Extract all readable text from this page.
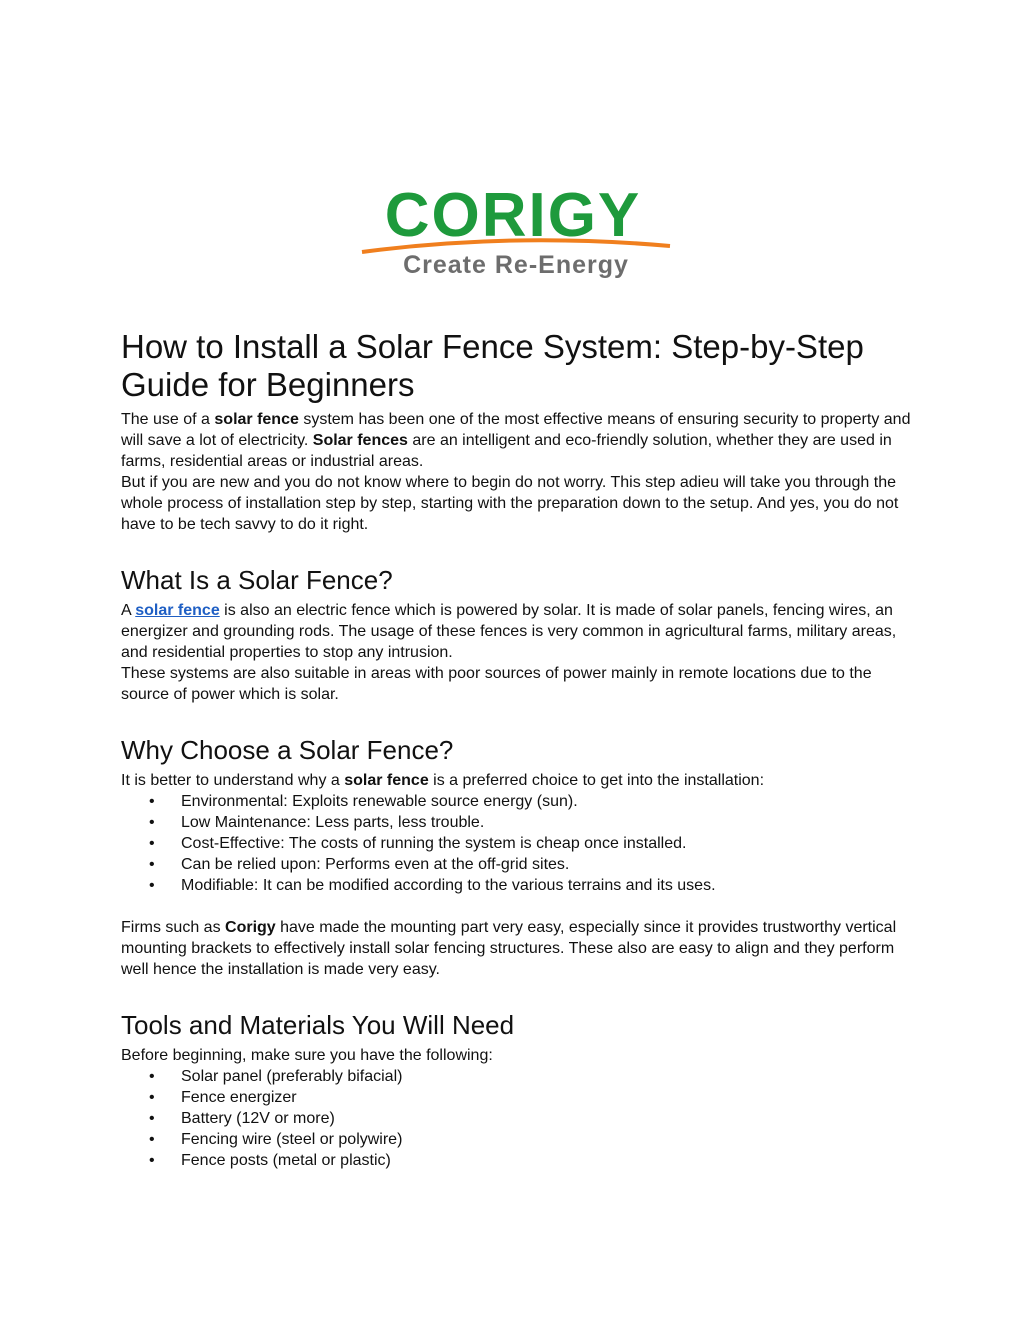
CORIGY
Create Re-Energy
How to Install a Solar Fence System: Step-by-Step Guide for Beginners

The use of a solar fence system has been one of the most effective means of ensuring security to property and will save a lot of electricity. Solar fences are an intelligent and eco-friendly solution, whether they are used in farms, residential areas or industrial areas.

But if you are new and you do not know where to begin do not worry. This step adieu will take you through the whole process of installation step by step, starting with the preparation down to the setup. And yes, you do not have to be tech savvy to do it right.

What Is a Solar Fence?

A solar fence is also an electric fence which is powered by solar. It is made of solar panels, fencing wires, an energizer and grounding rods. The usage of these fences is very common in agricultural farms, military areas, and residential properties to stop any intrusion.

These systems are also suitable in areas with poor sources of power mainly in remote locations due to the source of power which is solar.

Why Choose a Solar Fence?

It is better to understand why a solar fence is a preferred choice to get into the installation:

• Environmental: Exploits renewable source energy (sun).
• Low Maintenance: Less parts, less trouble.
• Cost-Effective: The costs of running the system is cheap once installed.
• Can be relied upon: Performs even at the off-grid sites.
• Modifiable: It can be modified according to the various terrains and its uses.

Firms such as Corigy have made the mounting part very easy, especially since it provides trustworthy vertical mounting brackets to effectively install solar fencing structures. These also are easy to align and they perform well hence the installation is made very easy.

Tools and Materials You Will Need

Before beginning, make sure you have the following:

• Solar panel (preferably bifacial)
• Fence energizer
• Battery (12V or more)
• Fencing wire (steel or polywire)
• Fence posts (metal or plastic)
